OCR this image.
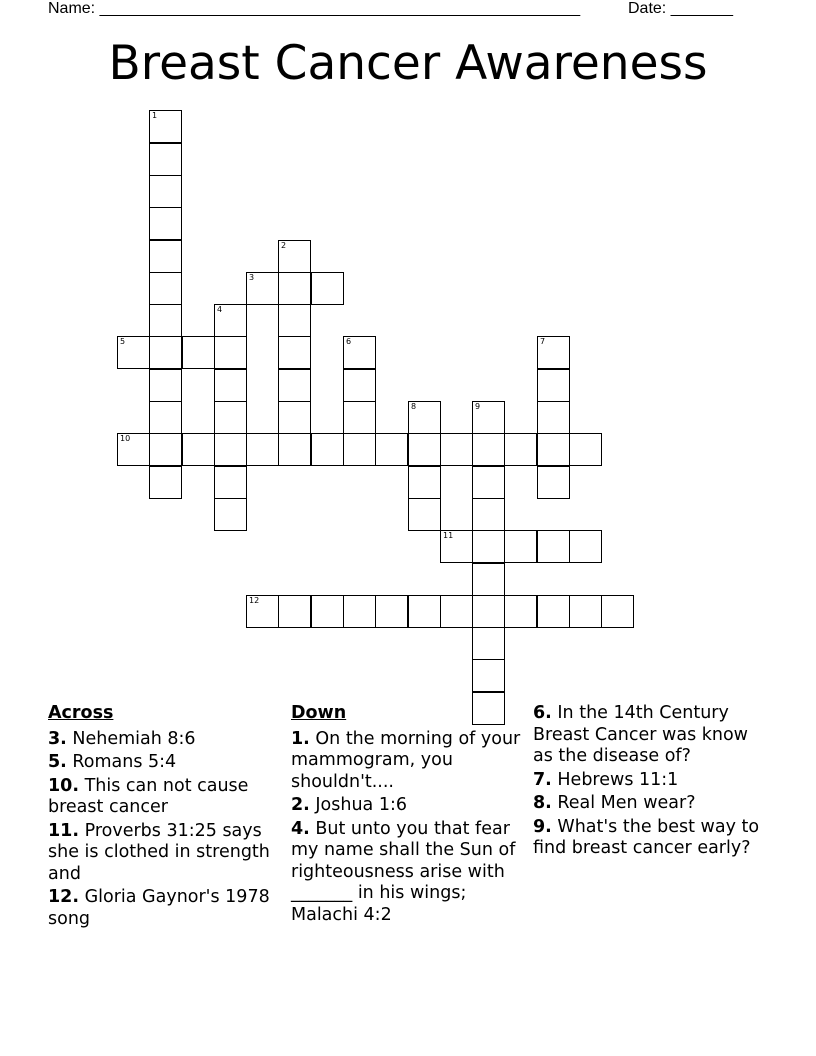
Name: ______________________________________________________	Date: _______
Breast Cancer Awareness
1
2
3
4
5	6	7
8	9
10
11
12
Across
3. Nehemiah 8:6
5. Romans 5:4
10. This can not cause breast cancer
11. Proverbs 31:25 says she is clothed in strength and
12. Gloria Gaynor's 1978 song
Down
1. On the morning of your mammogram, you shouldn't....
2. Joshua 1:6
4. But unto you that fear my name shall the Sun of righteousness arise with _______ in his wings; Malachi 4:2
6. In the 14th Century Breast Cancer was know as the disease of?
7. Hebrews 11:1
8. Real Men wear?
9. What's the best way to find breast cancer early?
